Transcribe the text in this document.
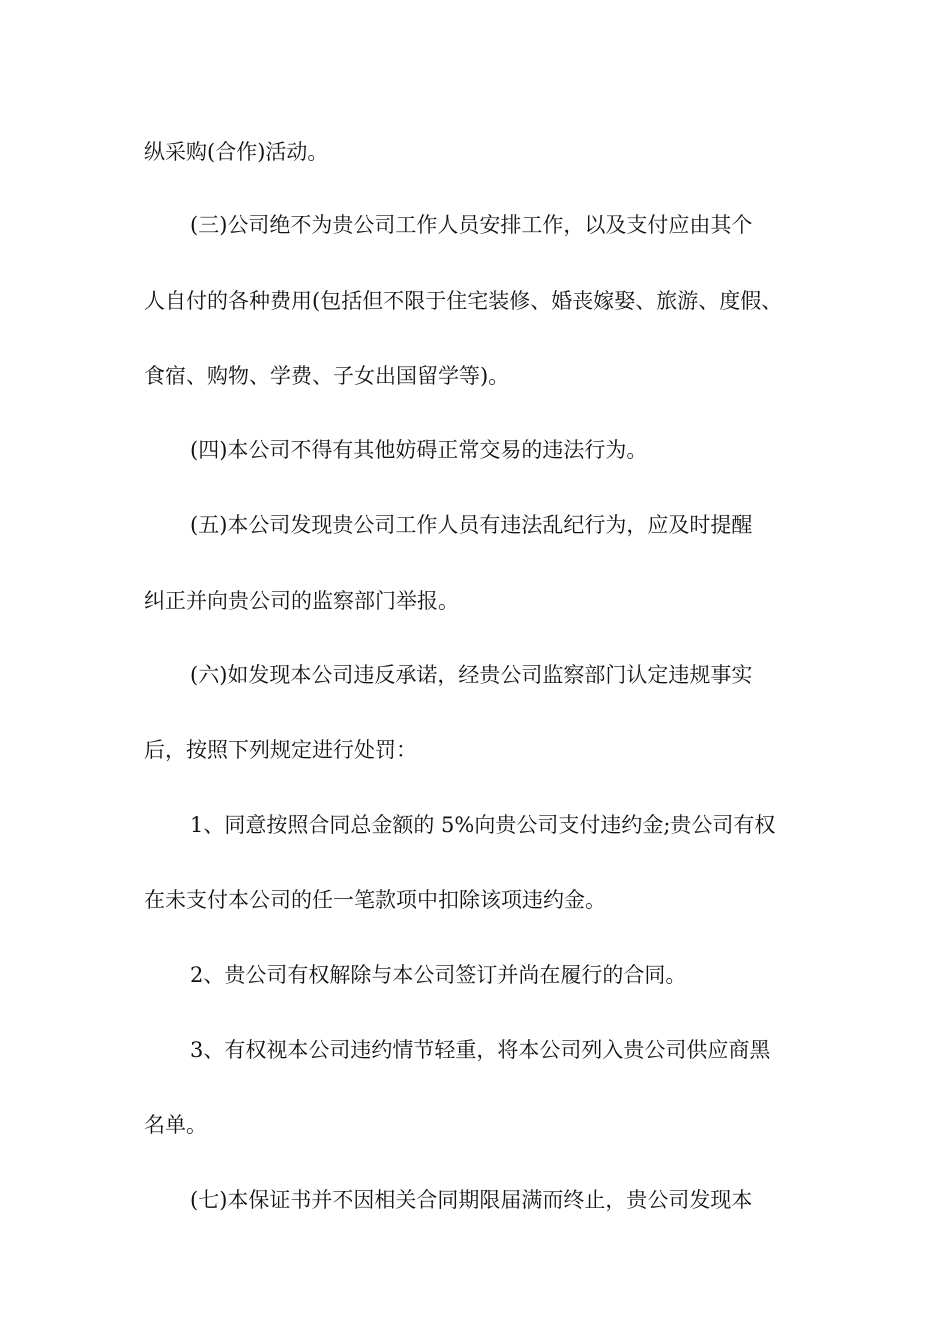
纵采购(合作)活动。
(三)公司绝不为贵公司工作人员安排工作，以及支付应由其个
人自付的各种费用(包括但不限于住宅装修、婚丧嫁娶、旅游、度假、
食宿、购物、学费、子女出国留学等)。
(四)本公司不得有其他妨碍正常交易的违法行为。
(五)本公司发现贵公司工作人员有违法乱纪行为，应及时提醒
纠正并向贵公司的监察部门举报。
(六)如发现本公司违反承诺，经贵公司监察部门认定违规事实
后，按照下列规定进行处罚：
1、同意按照合同总金额的 5%向贵公司支付违约金;贵公司有权
在未支付本公司的任一笔款项中扣除该项违约金。
2、贵公司有权解除与本公司签订并尚在履行的合同。
3、有权视本公司违约情节轻重，将本公司列入贵公司供应商黑
名单。
(七)本保证书并不因相关合同期限届满而终止，贵公司发现本
